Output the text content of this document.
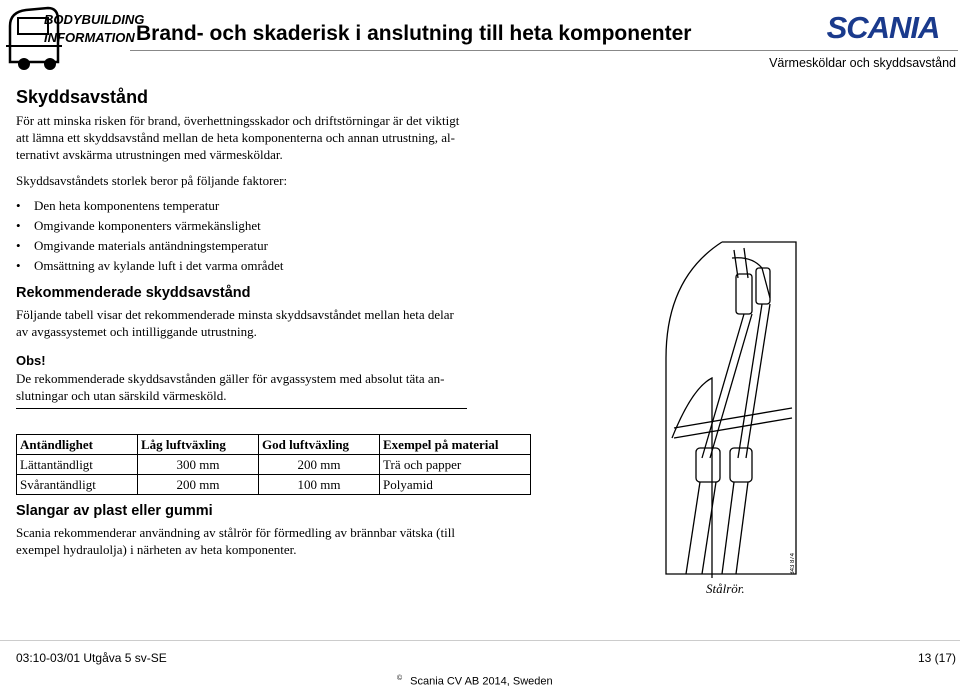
BODYBUILDING
INFORMATION Brand- och skaderisk i anslutning till heta komponenter	SCANIA
Värmesköldar och skyddsavstånd
Skyddsavstånd
För att minska risken för brand, överhettningsskador och driftstörningar är det viktigt
att lämna ett skyddsavstånd mellan de heta komponenterna och annan utrustning, al-
ternativt avskärma utrustningen med värmesköldar.
Skyddsavståndets storlek beror på följande faktorer:
• Den heta komponentens temperatur
• Omgivande komponenters värmekänslighet
• Omgivande materials antändningstemperatur
• Omsättning av kylande luft i det varma området
Rekommenderade skyddsavstånd
Följande tabell visar det rekommenderade minsta skyddsavståndet mellan heta delar
av avgassystemet och intilliggande utrustning.
Obs!
De rekommenderade skyddsavstånden gäller för avgassystem med absolut täta an-
slutningar och utan särskild värmesköld.
Antändlighet	Låg luftväxling	God luftväxling	Exempel på material
Lättantändligt	300 mm	200 mm	Trä och papper
Svårantändligt	200 mm	100 mm	Polyamid
Slangar av plast eller gummi
Scania rekommenderar användning av stålrör för förmedling av brännbar vätska (till
exempel hydraulolja) i närheten av heta komponenter.
343 874
Stålrör.
03:10-03/01 Utgåva 5 sv-SE	13 (17)
© Scania CV AB 2014, Sweden
